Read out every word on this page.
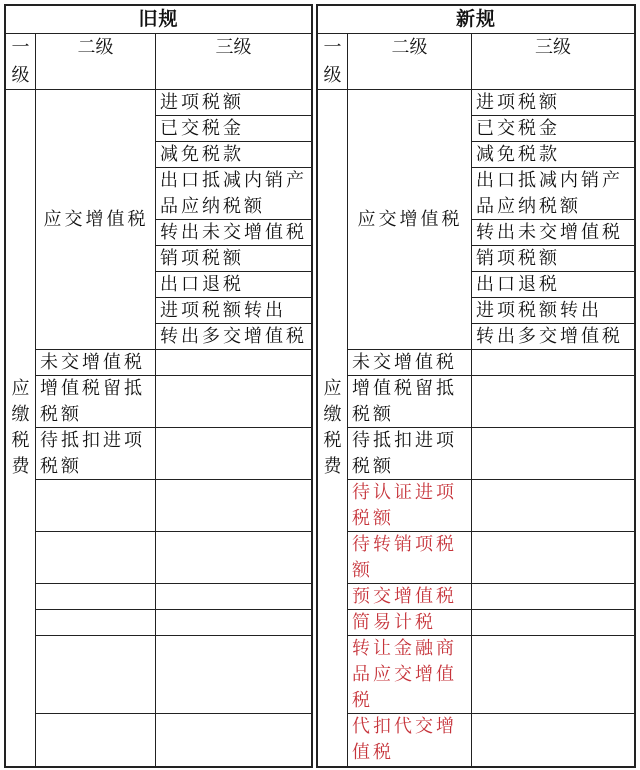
旧规
一级
二级	三级
应缴税费
应交增值税
未交增值税
增值税留抵税额
待抵扣进项税额
进项税额
已交税金
减免税款
出口抵减内销产品应纳税额
转出未交增值税
销项税额
出口退税
进项税额转出
转出多交增值税
新规
一级
二级	三级
应缴税费
应交增值税
未交增值税
增值税留抵税额
待抵扣进项税额
待认证进项税额
待转销项税额
预交增值税
简易计税
转让金融商品应交增值税
代扣代交增值税
进项税额
已交税金
减免税款
出口抵减内销产品应纳税额
转出未交增值税
销项税额
出口退税
进项税额转出
转出多交增值税
